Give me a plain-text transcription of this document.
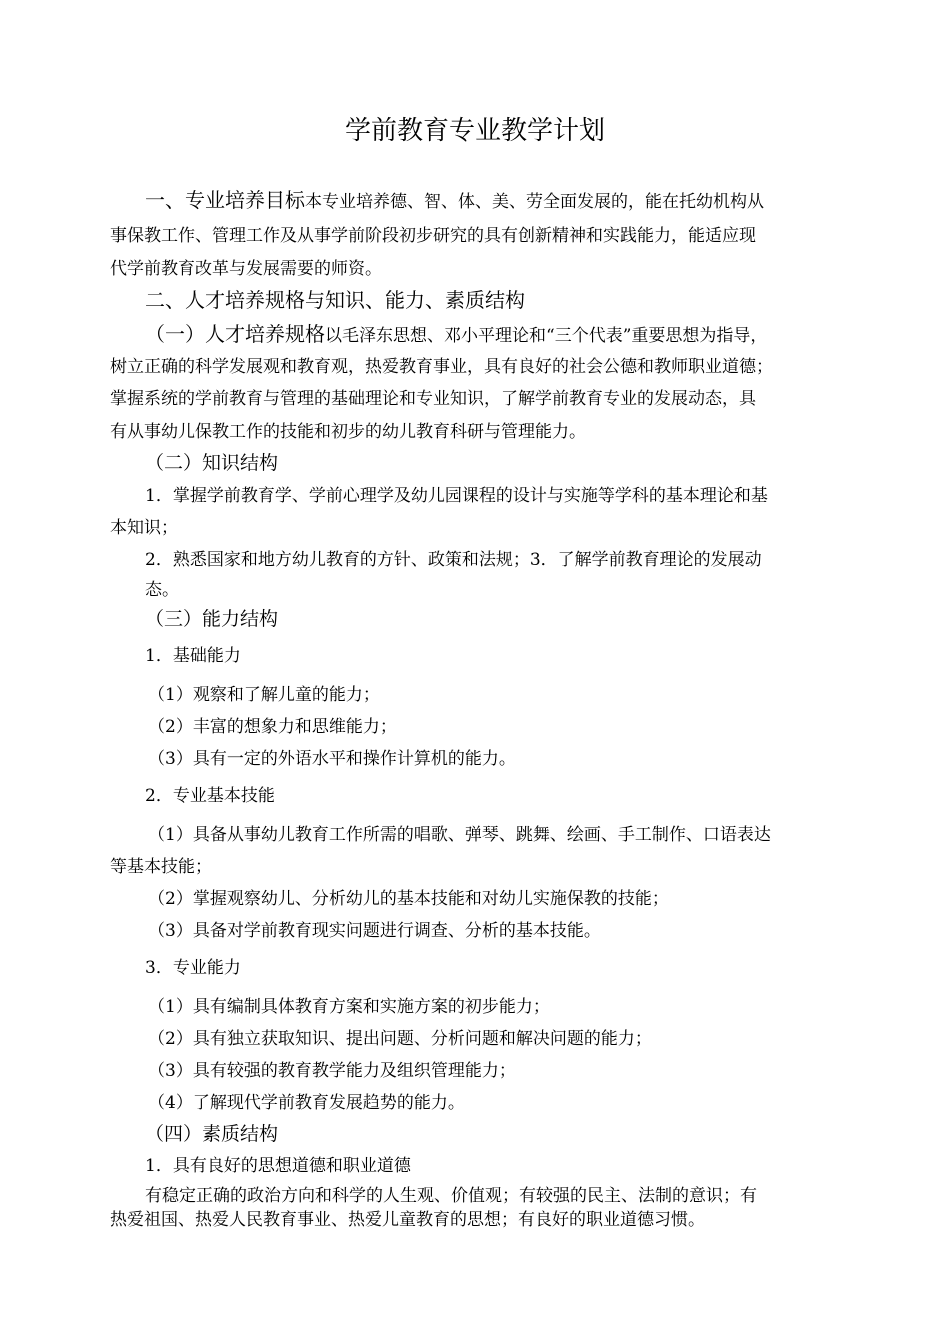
学前教育专业教学计划
一、专业培养目标本专业培养德、智、体、美、劳全面发展的，能在托幼机构从
事保教工作、管理工作及从事学前阶段初步研究的具有创新精神和实践能力，能适应现
代学前教育改革与发展需要的师资。
二、人才培养规格与知识、能力、素质结构
（一）人才培养规格以毛泽东思想、邓小平理论和“三个代表”重要思想为指导，
树立正确的科学发展观和教育观，热爱教育事业，具有良好的社会公德和教师职业道德；
掌握系统的学前教育与管理的基础理论和专业知识，了解学前教育专业的发展动态，具
有从事幼儿保教工作的技能和初步的幼儿教育科研与管理能力。
（二）知识结构
1．掌握学前教育学、学前心理学及幼儿园课程的设计与实施等学科的基本理论和基
本知识；
2．熟悉国家和地方幼儿教育的方针、政策和法规；3．了解学前教育理论的发展动
态。
（三）能力结构
1．基础能力
（1）观察和了解儿童的能力；
（2）丰富的想象力和思维能力；
（3）具有一定的外语水平和操作计算机的能力。
2．专业基本技能
（1）具备从事幼儿教育工作所需的唱歌、弹琴、跳舞、绘画、手工制作、口语表达
等基本技能；
（2）掌握观察幼儿、分析幼儿的基本技能和对幼儿实施保教的技能；
（3）具备对学前教育现实问题进行调查、分析的基本技能。
3．专业能力
（1）具有编制具体教育方案和实施方案的初步能力；
（2）具有独立获取知识、提出问题、分析问题和解决问题的能力；
（3）具有较强的教育教学能力及组织管理能力；
（4）了解现代学前教育发展趋势的能力。
（四）素质结构
1．具有良好的思想道德和职业道德
有稳定正确的政治方向和科学的人生观、价值观；有较强的民主、法制的意识；有
热爱祖国、热爱人民教育事业、热爱儿童教育的思想；有良好的职业道德习惯。
